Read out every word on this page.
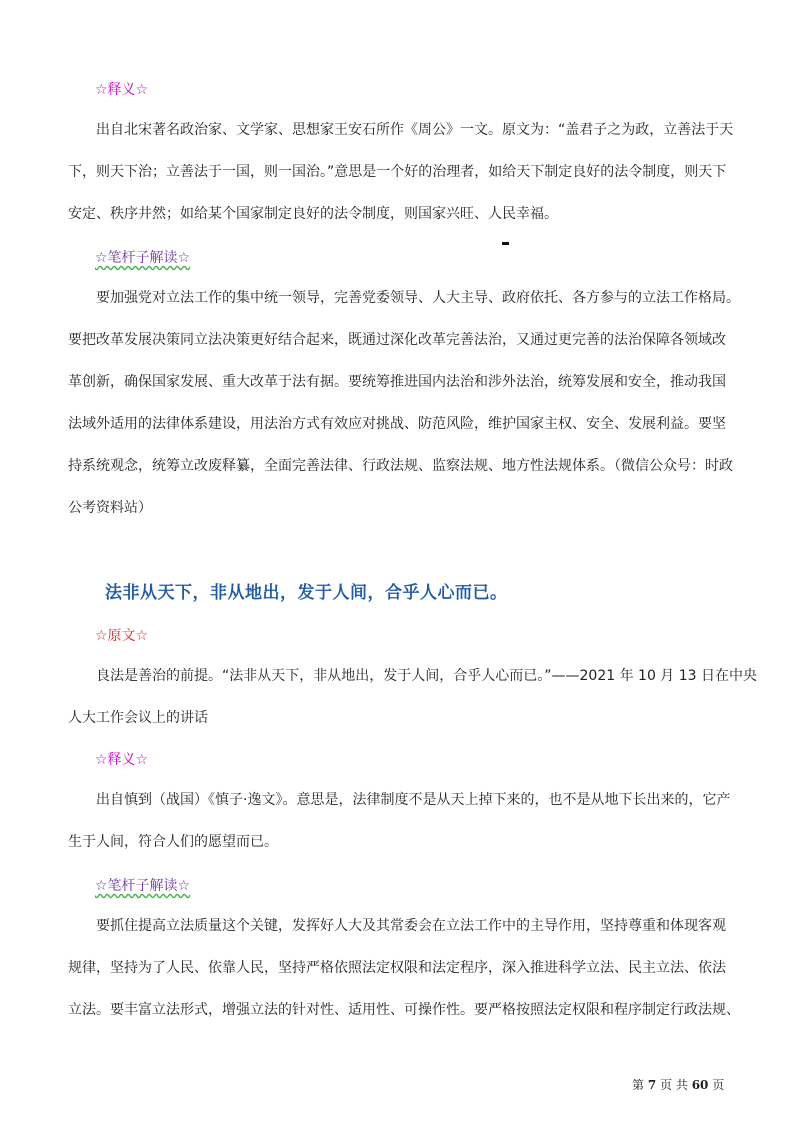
☆释义☆
出自北宋著名政治家、文学家、思想家王安石所作《周公》一文。原文为：“盖君子之为政，立善法于天
下，则天下治；立善法于一国，则一国治。”意思是一个好的治理者，如给天下制定良好的法令制度，则天下
安定、秩序井然；如给某个国家制定良好的法令制度，则国家兴旺、人民幸福。
☆笔杆子解读☆
要加强党对立法工作的集中统一领导，完善党委领导、人大主导、政府依托、各方参与的立法工作格局。
要把改革发展决策同立法决策更好结合起来，既通过深化改革完善法治，又通过更完善的法治保障各领域改
革创新，确保国家发展、重大改革于法有据。要统筹推进国内法治和涉外法治，统筹发展和安全，推动我国
法域外适用的法律体系建设，用法治方式有效应对挑战、防范风险，维护国家主权、安全、发展利益。要坚
持系统观念，统筹立改废释纂，全面完善法律、行政法规、监察法规、地方性法规体系。（微信公众号：时政
公考资料站）
法非从天下，非从地出，发于人间，合乎人心而已。
☆原文☆
良法是善治的前提。“法非从天下，非从地出，发于人间，合乎人心而已。”——2021 年 10 月 13 日在中央
人大工作会议上的讲话
☆释义☆
出自慎到（战国）《慎子·逸文》。意思是，法律制度不是从天上掉下来的，也不是从地下长出来的，它产
生于人间，符合人们的愿望而已。
☆笔杆子解读☆
要抓住提高立法质量这个关键，发挥好人大及其常委会在立法工作中的主导作用，坚持尊重和体现客观
规律，坚持为了人民、依靠人民，坚持严格依照法定权限和法定程序，深入推进科学立法、民主立法、依法
立法。要丰富立法形式，增强立法的针对性、适用性、可操作性。要严格按照法定权限和程序制定行政法规、
第 7 页 共 60 页
